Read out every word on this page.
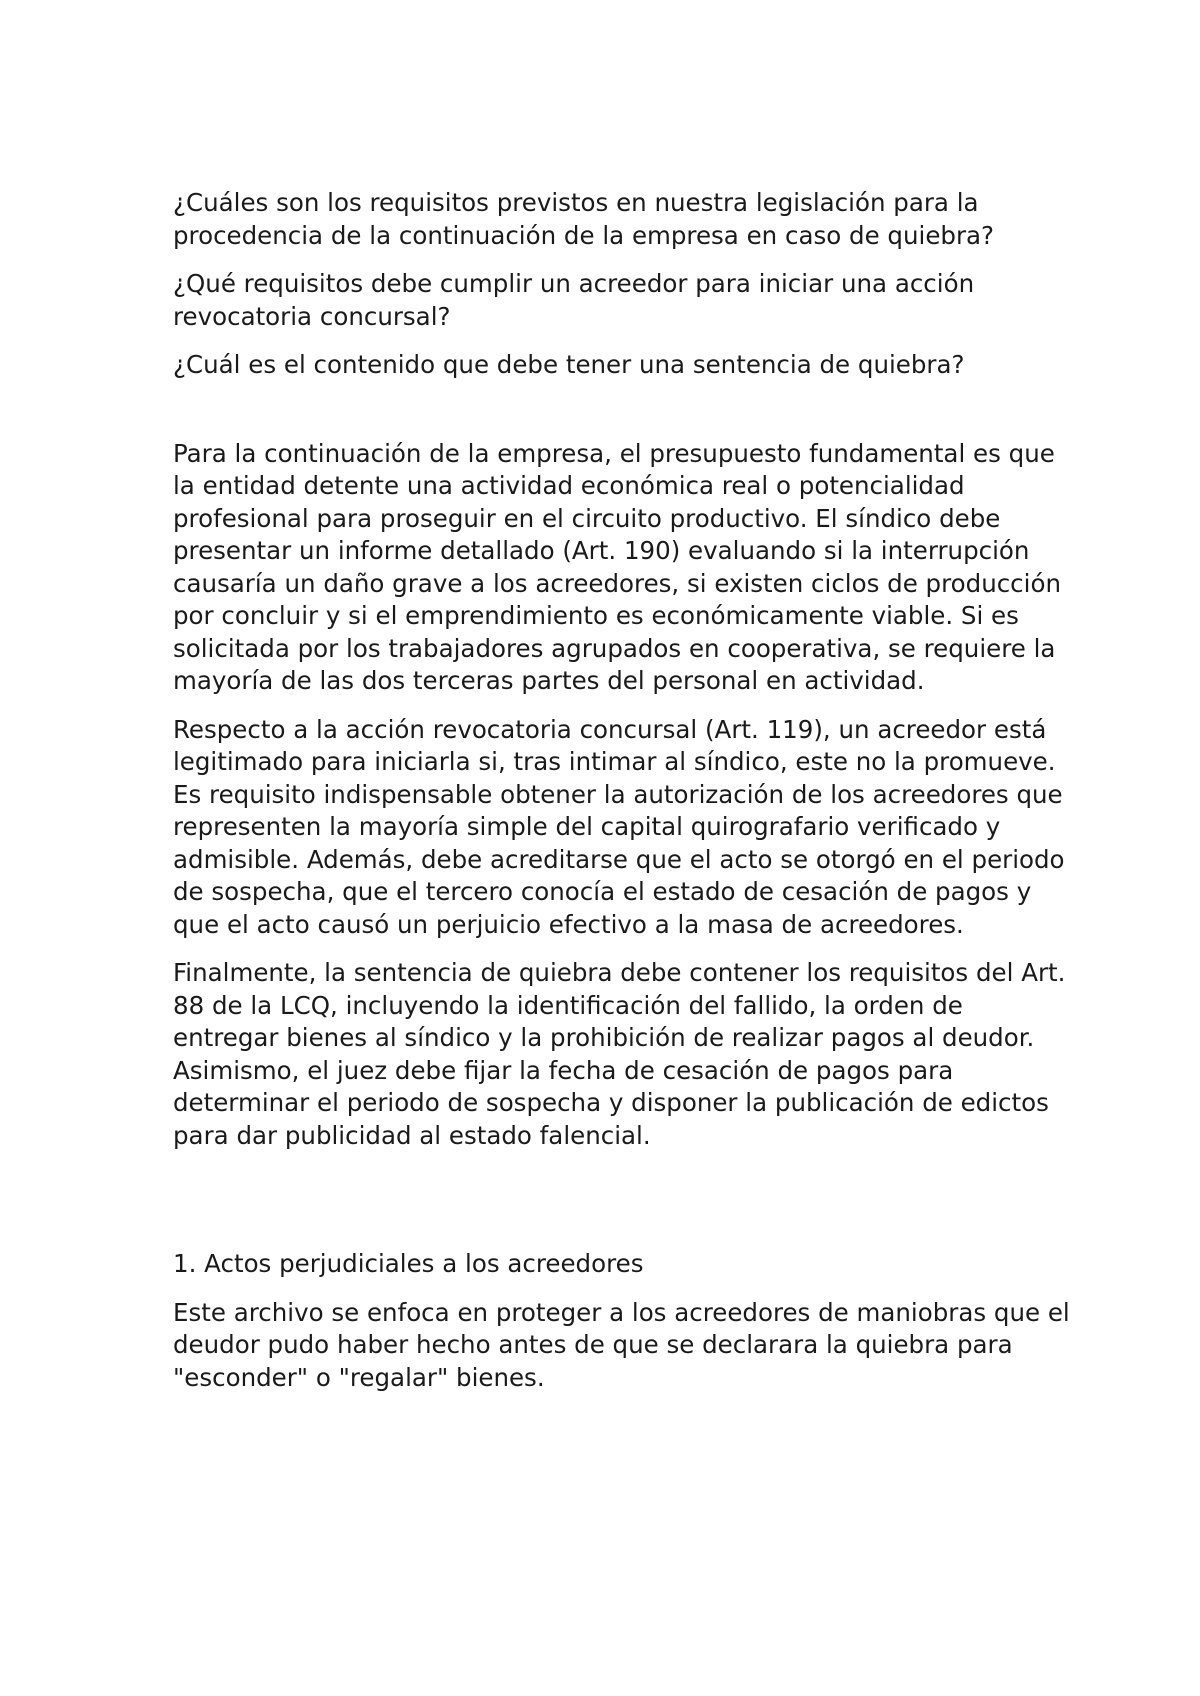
¿Cuáles son los requisitos previstos en nuestra legislación para la procedencia de la continuación de la empresa en caso de quiebra?

¿Qué requisitos debe cumplir un acreedor para iniciar una acción revocatoria concursal?

¿Cuál es el contenido que debe tener una sentencia de quiebra?

Para la continuación de la empresa, el presupuesto fundamental es que la entidad detente una actividad económica real o potencialidad profesional para proseguir en el circuito productivo. El síndico debe presentar un informe detallado (Art. 190) evaluando si la interrupción causaría un daño grave a los acreedores, si existen ciclos de producción por concluir y si el emprendimiento es económicamente viable. Si es solicitada por los trabajadores agrupados en cooperativa, se requiere la mayoría de las dos terceras partes del personal en actividad.

Respecto a la acción revocatoria concursal (Art. 119), un acreedor está legitimado para iniciarla si, tras intimar al síndico, este no la promueve. Es requisito indispensable obtener la autorización de los acreedores que representen la mayoría simple del capital quirografario verificado y admisible. Además, debe acreditarse que el acto se otorgó en el periodo de sospecha, que el tercero conocía el estado de cesación de pagos y que el acto causó un perjuicio efectivo a la masa de acreedores.

Finalmente, la sentencia de quiebra debe contener los requisitos del Art. 88 de la LCQ, incluyendo la identificación del fallido, la orden de entregar bienes al síndico y la prohibición de realizar pagos al deudor. Asimismo, el juez debe fijar la fecha de cesación de pagos para determinar el periodo de sospecha y disponer la publicación de edictos para dar publicidad al estado falencial.

1. Actos perjudiciales a los acreedores

Este archivo se enfoca en proteger a los acreedores de maniobras que el deudor pudo haber hecho antes de que se declarara la quiebra para "esconder" o "regalar" bienes.
